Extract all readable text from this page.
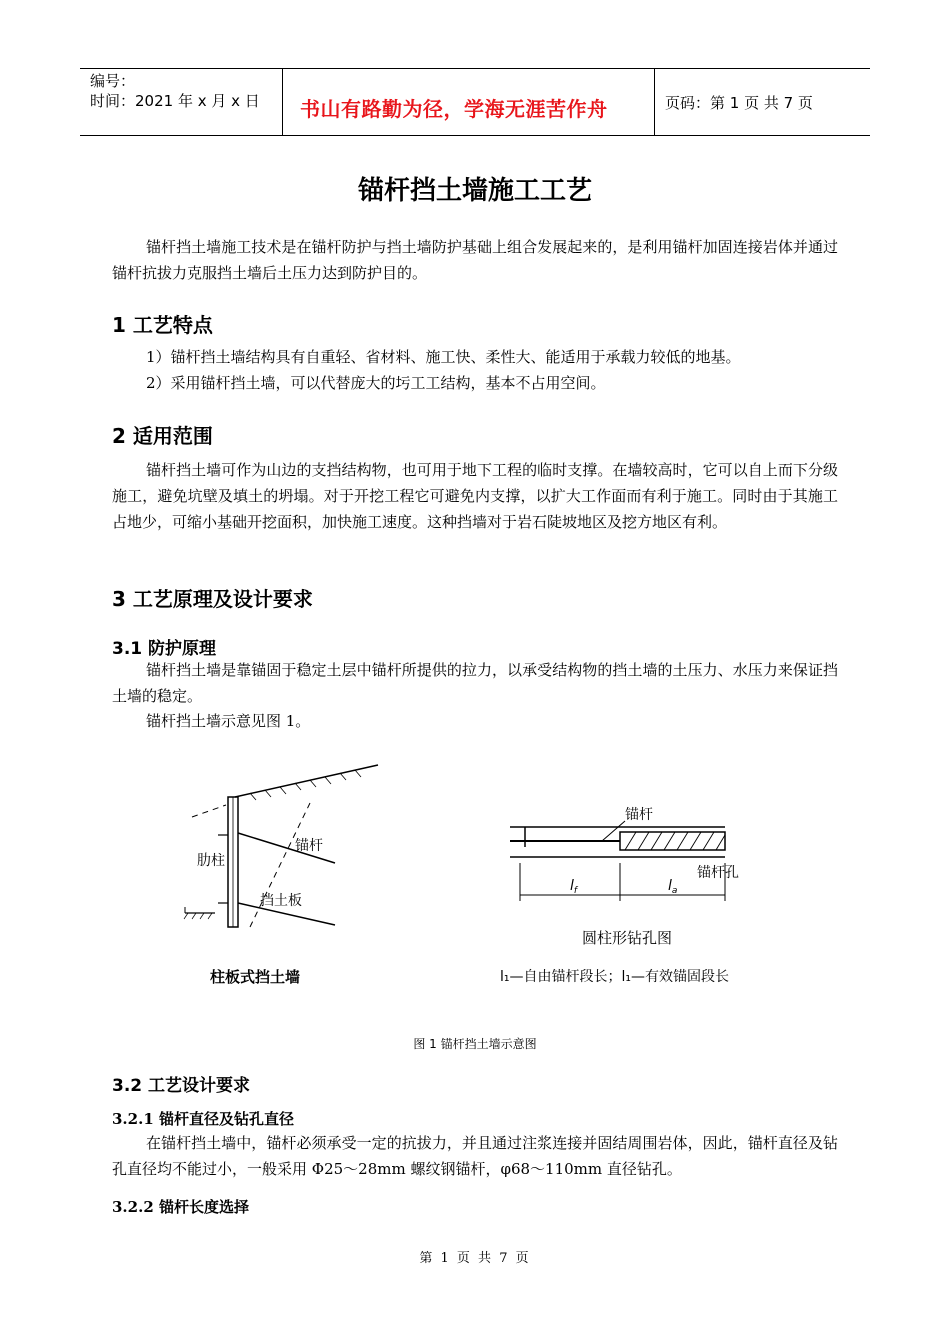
编号：
时间：2021 年 x 月 x 日 书山有路勤为径，学海无涯苦作舟	页码：第 1 页 共 7 页
锚杆挡土墙施工工艺
锚杆挡土墙施工技术是在锚杆防护与挡土墙防护基础上组合发展起来的，是利用锚杆加固连接岩体并通过锚杆抗拔力克服挡土墙后土压力达到防护目的。
1 工艺特点
1）锚杆挡土墙结构具有自重轻、省材料、施工快、柔性大、能适用于承载力较低的地基。
2）采用锚杆挡土墙，可以代替庞大的圬工工结构，基本不占用空间。
2 适用范围
锚杆挡土墙可作为山边的支挡结构物，也可用于地下工程的临时支撑。在墙较高时，它可以自上而下分级施工，避免坑壁及填土的坍塌。对于开挖工程它可避免内支撑，以扩大工作面而有利于施工。同时由于其施工占地少，可缩小基础开挖面积，加快施工速度。这种挡墙对于岩石陡坡地区及挖方地区有利。
3 工艺原理及设计要求
3.1 防护原理
锚杆挡土墙是靠锚固于稳定土层中锚杆所提供的拉力，以承受结构物的挡土墙的土压力、水压力来保证挡土墙的稳定。
锚杆挡土墙示意见图 1。
肋柱
锚杆
挡土板
柱板式挡土墙
锚杆
锚杆孔
$l_f$	$l_a$
圆柱形钻孔图
l₁—自由锚杆段长；l₁—有效锚固段长
图 1 锚杆挡土墙示意图
3.2 工艺设计要求
3.2.1 锚杆直径及钻孔直径
在锚杆挡土墙中，锚杆必须承受一定的抗拔力，并且通过注浆连接并固结周围岩体，因此，锚杆直径及钻孔直径均不能过小，一般采用 Φ25～28mm 螺纹钢锚杆，φ68～110mm 直径钻孔。
3.2.2 锚杆长度选择
第 1 页 共 7 页
